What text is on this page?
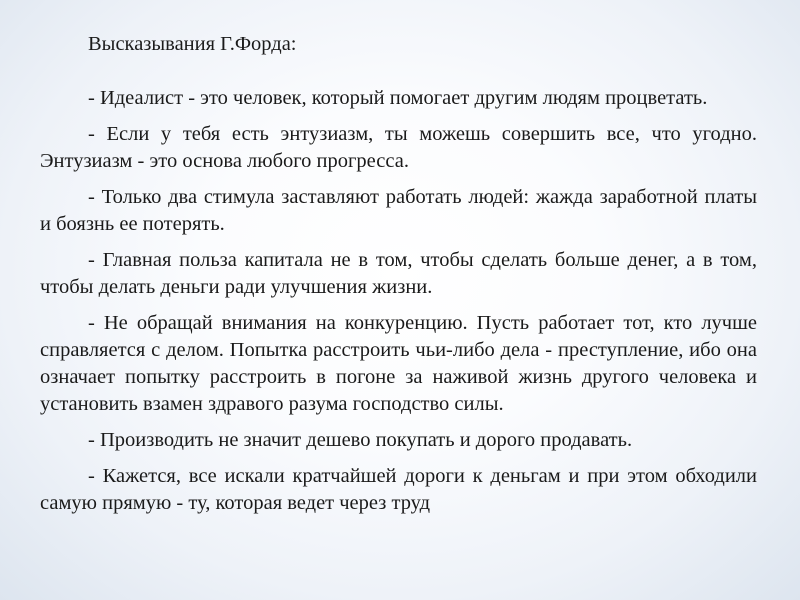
Высказывания Г.Форда:

- Идеалист - это человек, который помогает другим людям процветать.

- Если у тебя есть энтузиазм, ты можешь совершить все, что угодно. Энтузиазм - это основа любого прогресса.

- Только два стимула заставляют работать людей: жажда заработной платы и боязнь ее потерять.

- Главная польза капитала не в том, чтобы сделать больше денег, а в том, чтобы делать деньги ради улучшения жизни.

- Не обращай внимания на конкуренцию. Пусть работает тот, кто лучше справляется с делом. Попытка расстроить чьи-либо дела - преступление, ибо она означает попытку расстроить в погоне за наживой жизнь другого человека и установить взамен здравого разума господство силы.

- Производить не значит дешево покупать и дорого продавать.

- Кажется, все искали кратчайшей дороги к деньгам и при этом обходили самую прямую - ту, которая ведет через труд
